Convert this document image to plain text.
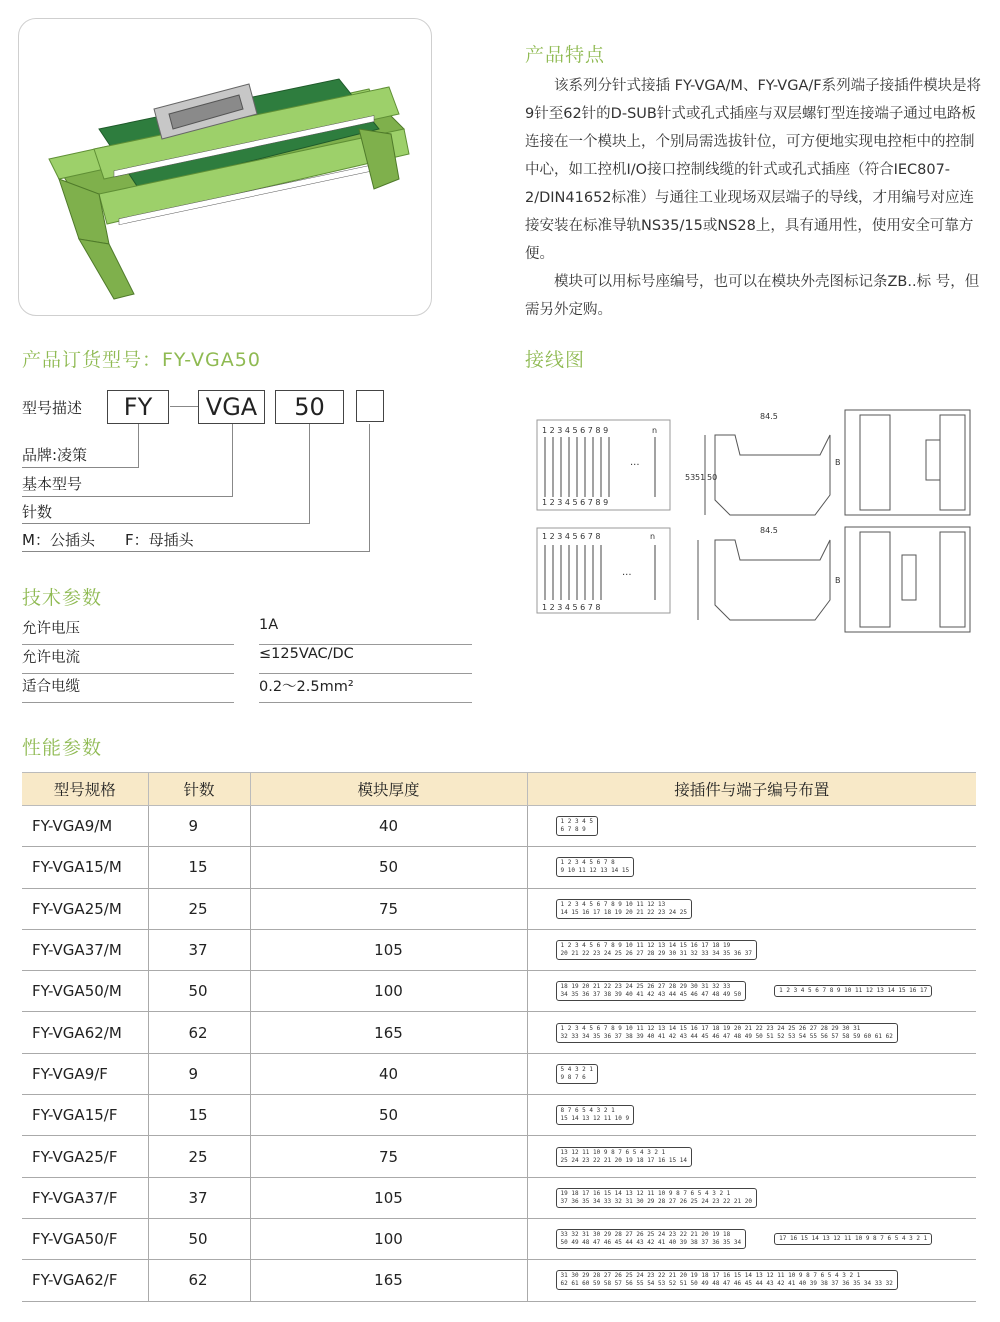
产品特点

该系列分针式接插 FY-VGA/M、FY-VGA/F系列端子接插件模块是将9针至62针的D-SUB针式或孔式插座与双层螺钉型连接端子通过电路板连接在一个模块上，个别局需选拔针位，可方便地实现电控柜中的控制中心，如工控机I/O接口控制线缆的针式或孔式插座（符合IEC807-2/DIN41652标准）与通往工业现场双层端子的导线，才用编号对应连接安装在标准导轨NS35/15或NS28上，具有通用性，使用安全可靠方便。

模块可以用标号座编号，也可以在模块外壳图标记条ZB..标 号，但需另外定购。

产品订货型号：FY-VGA50
型号描述	FY	VGA	50
品牌:凌策
基本型号
针数
M：公插头　　F：母插头
接线图
1 2 3 4 5 6 7 8 9
1 2 3 4 5 6 7 8 9
...
n
1 2 3 4 5 6 7 8
1 2 3 4 5 6 7 8
...
n
84.5
84.5
53 51 50
B
B
技术参数
允许电压	1A
允许电流	≤125VAC/DC
适合电缆	0.2～2.5mm²
性能参数
型号规格	针数	模块厚度	接插件与端子编号布置
FY-VGA9/M	9	40	1 2 3 4 5
6 7 8 9

FY-VGA15/M	15	50	1 2 3 4 5 6 7 8
9 10 11 12 13 14 15

FY-VGA25/M	25	75	1 2 3 4 5 6 7 8 9 10 11 12 13
14 15 16 17 18 19 20 21 22 23 24 25

FY-VGA37/M	37	105	1 2 3 4 5 6 7 8 9 10 11 12 13 14 15 16 17 18 19
20 21 22 23 24 25 26 27 28 29 30 31 32 33 34 35 36 37

FY-VGA50/M	50	100	18 19 20 21 22 23 24 25 26 27 28 29 30 31 32 33
34 35 36 37 38 39 40 41 42 43 44 45 46 47 48 49 50
1 2 3 4 5 6 7 8 9 10 11 12 13 14 15 16 17

FY-VGA62/M	62	165	1 2 3 4 5 6 7 8 9 10 11 12 13 14 15 16 17 18 19 20 21 22 23 24 25 26 27 28 29 30 31
32 33 34 35 36 37 38 39 40 41 42 43 44 45 46 47 48 49 50 51 52 53 54 55 56 57 58 59 60 61 62

FY-VGA9/F	9	40	5 4 3 2 1
9 8 7 6

FY-VGA15/F	15	50	8 7 6 5 4 3 2 1
15 14 13 12 11 10 9

FY-VGA25/F	25	75	13 12 11 10 9 8 7 6 5 4 3 2 1
25 24 23 22 21 20 19 18 17 16 15 14

FY-VGA37/F	37	105	19 18 17 16 15 14 13 12 11 10 9 8 7 6 5 4 3 2 1
37 36 35 34 33 32 31 30 29 28 27 26 25 24 23 22 21 20

FY-VGA50/F	50	100	33 32 31 30 29 28 27 26 25 24 23 22 21 20 19 18
50 49 48 47 46 45 44 43 42 41 40 39 38 37 36 35 34
17 16 15 14 13 12 11 10 9 8 7 6 5 4 3 2 1

FY-VGA62/F	62	165	31 30 29 28 27 26 25 24 23 22 21 20 19 18 17 16 15 14 13 12 11 10 9 8 7 6 5 4 3 2 1
62 61 60 59 58 57 56 55 54 53 52 51 50 49 48 47 46 45 44 43 42 41 40 39 38 37 36 35 34 33 32
